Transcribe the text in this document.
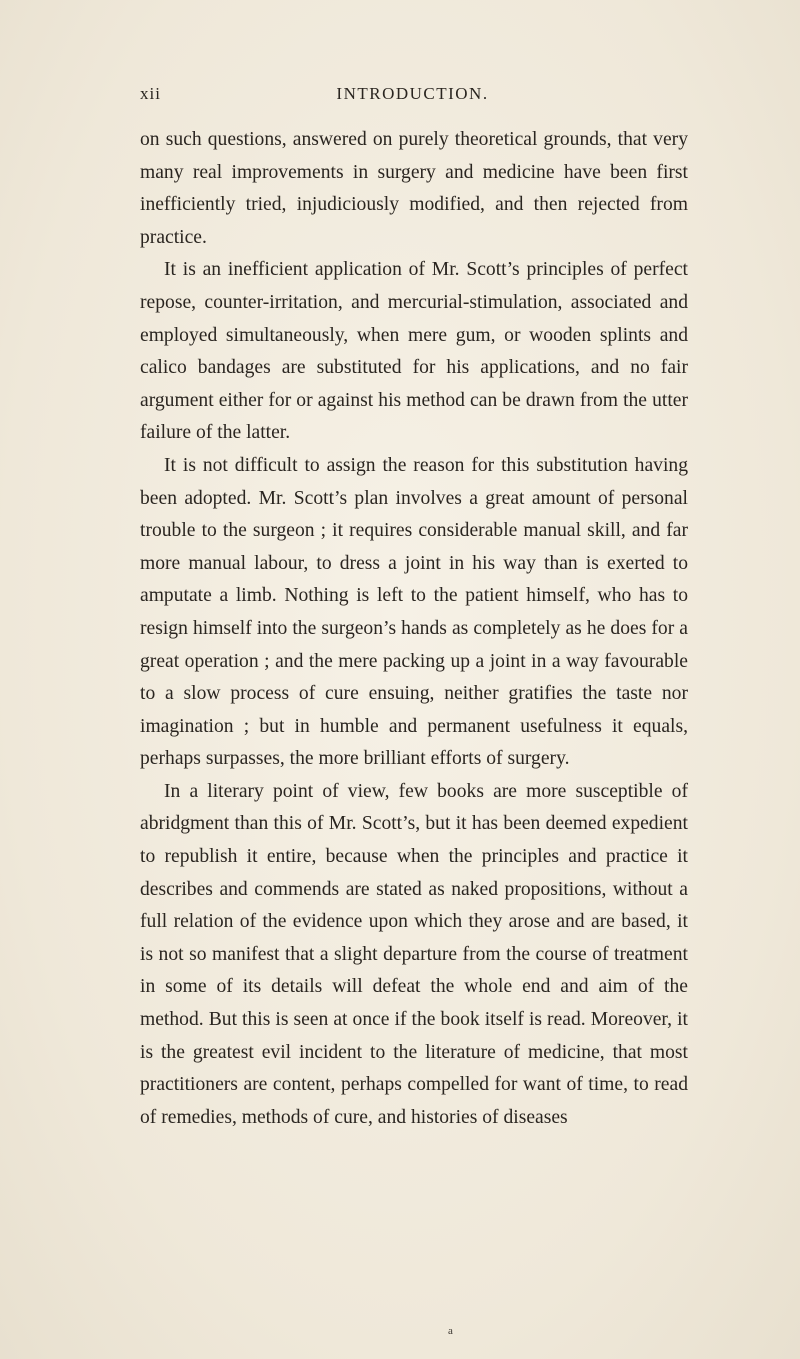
xii	INTRODUCTION.

on such questions, answered on purely theoretical grounds, that very many real improvements in surgery and medicine have been first inefficiently tried, injudiciously modified, and then rejected from practice.

It is an inefficient application of Mr. Scott’s principles of perfect repose, counter-irritation, and mercurial-stimulation, associated and employed simultaneously, when mere gum, or wooden splints and calico bandages are substituted for his applications, and no fair argument either for or against his method can be drawn from the utter failure of the latter.

It is not difficult to assign the reason for this substitution having been adopted. Mr. Scott’s plan involves a great amount of personal trouble to the surgeon ; it requires considerable manual skill, and far more manual labour, to dress a joint in his way than is exerted to amputate a limb. Nothing is left to the patient himself, who has to resign himself into the surgeon’s hands as completely as he does for a great operation ; and the mere packing up a joint in a way favourable to a slow process of cure ensuing, neither gratifies the taste nor imagination ; but in humble and permanent usefulness it equals, perhaps surpasses, the more brilliant efforts of surgery.

In a literary point of view, few books are more susceptible of abridgment than this of Mr. Scott’s, but it has been deemed expedient to republish it entire, because when the principles and practice it describes and commends are stated as naked propositions, without a full relation of the evidence upon which they arose and are based, it is not so manifest that a slight departure from the course of treatment in some of its details will defeat the whole end and aim of the method. But this is seen at once if the book itself is read. Moreover, it is the greatest evil incident to the literature of medicine, that most practitioners are content, perhaps compelled for want of time, to read of remedies, methods of cure, and histories of diseases

a
